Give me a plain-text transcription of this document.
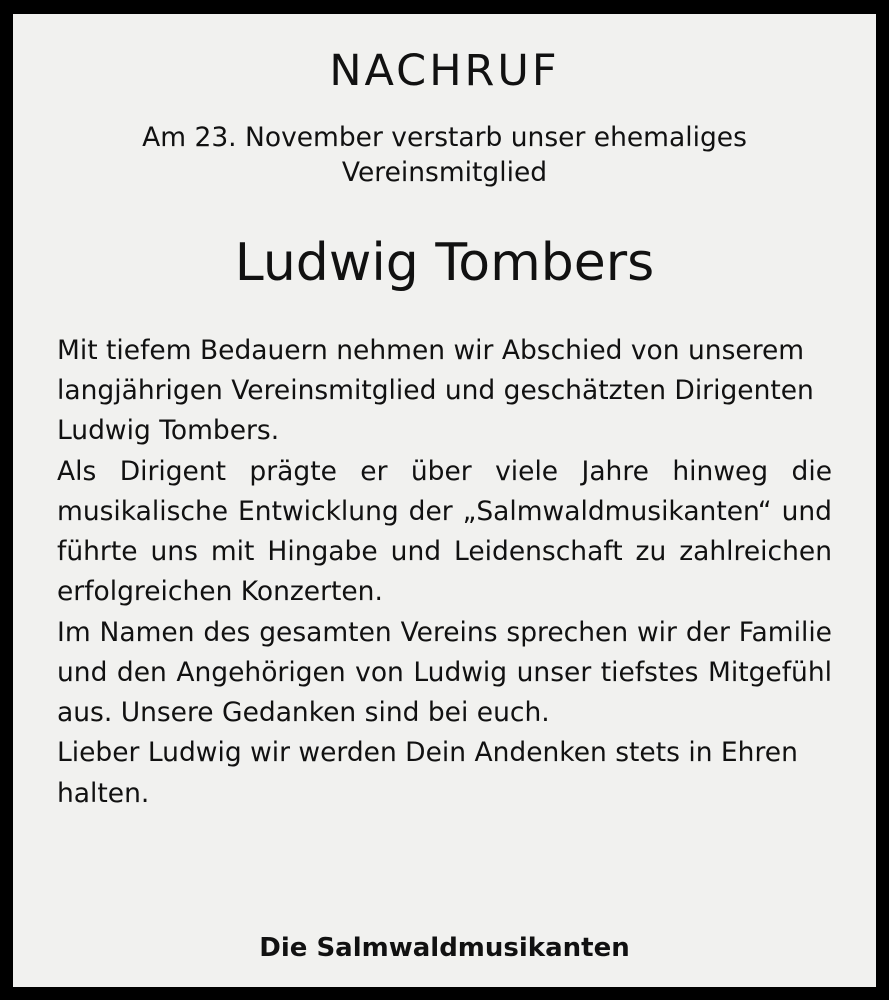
NACHRUF
Am 23. November verstarb unser ehemaliges Vereinsmitglied
Ludwig Tombers
Mit tiefem Bedauern nehmen wir Abschied von unserem langjährigen Vereinsmitglied und geschätzten Dirigenten Ludwig Tombers.
Als Dirigent prägte er über viele Jahre hinweg die musikalische Entwicklung der „Salmwaldmusikanten“ und führte uns mit Hingabe und Leidenschaft zu zahlreichen erfolgreichen Konzerten.
Im Namen des gesamten Vereins sprechen wir der Familie und den Angehörigen von Ludwig unser tiefstes Mitgefühl aus. Unsere Gedanken sind bei euch.
Lieber Ludwig wir werden Dein Andenken stets in Ehren halten.
Die Salmwaldmusikanten
